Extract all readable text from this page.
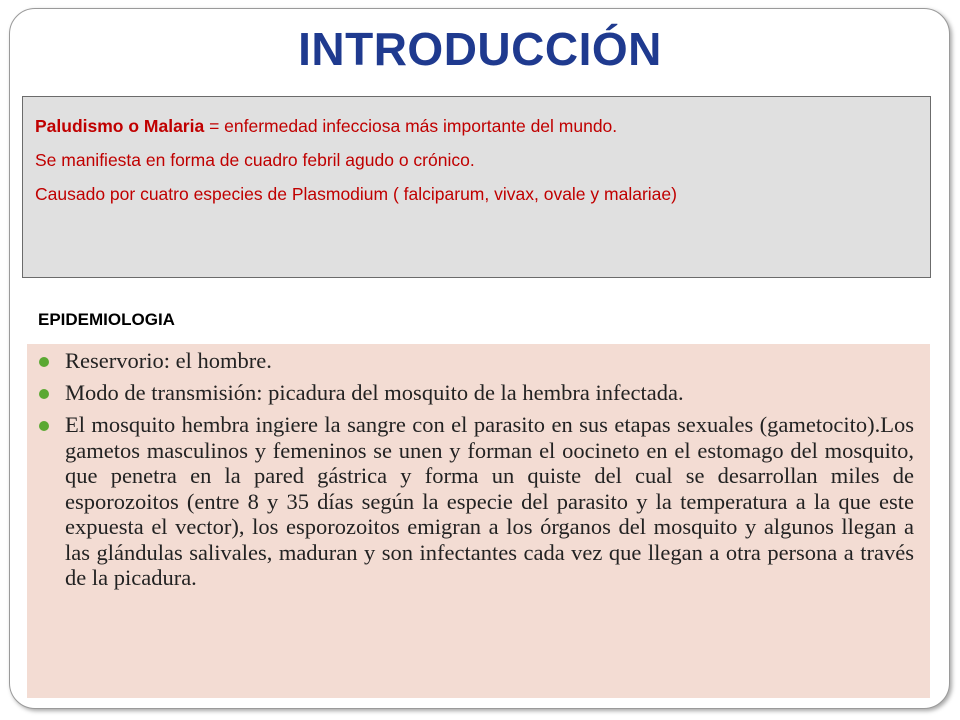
INTRODUCCIÓN

Paludismo o Malaria = enfermedad infecciosa más importante del mundo.

Se manifiesta en forma de cuadro febril agudo o crónico.

Causado por cuatro especies de Plasmodium ( falciparum, vivax, ovale y malariae)

EPIDEMIOLOGIA
Reservorio: el hombre.
Modo de transmisión: picadura del mosquito de la hembra infectada.
El mosquito hembra ingiere la sangre con el parasito en sus etapas sexuales (gametocito).Los gametos masculinos y femeninos se unen y forman el oocineto en el estomago del mosquito, que penetra en la pared gástrica y forma un quiste del cual se desarrollan miles de esporozoitos (entre 8 y 35 días según la especie del parasito y la temperatura a la que este expuesta el vector), los esporozoitos emigran a los órganos del mosquito y algunos llegan a las glándulas salivales, maduran y son infectantes cada vez que llegan a otra persona a través de la picadura.
